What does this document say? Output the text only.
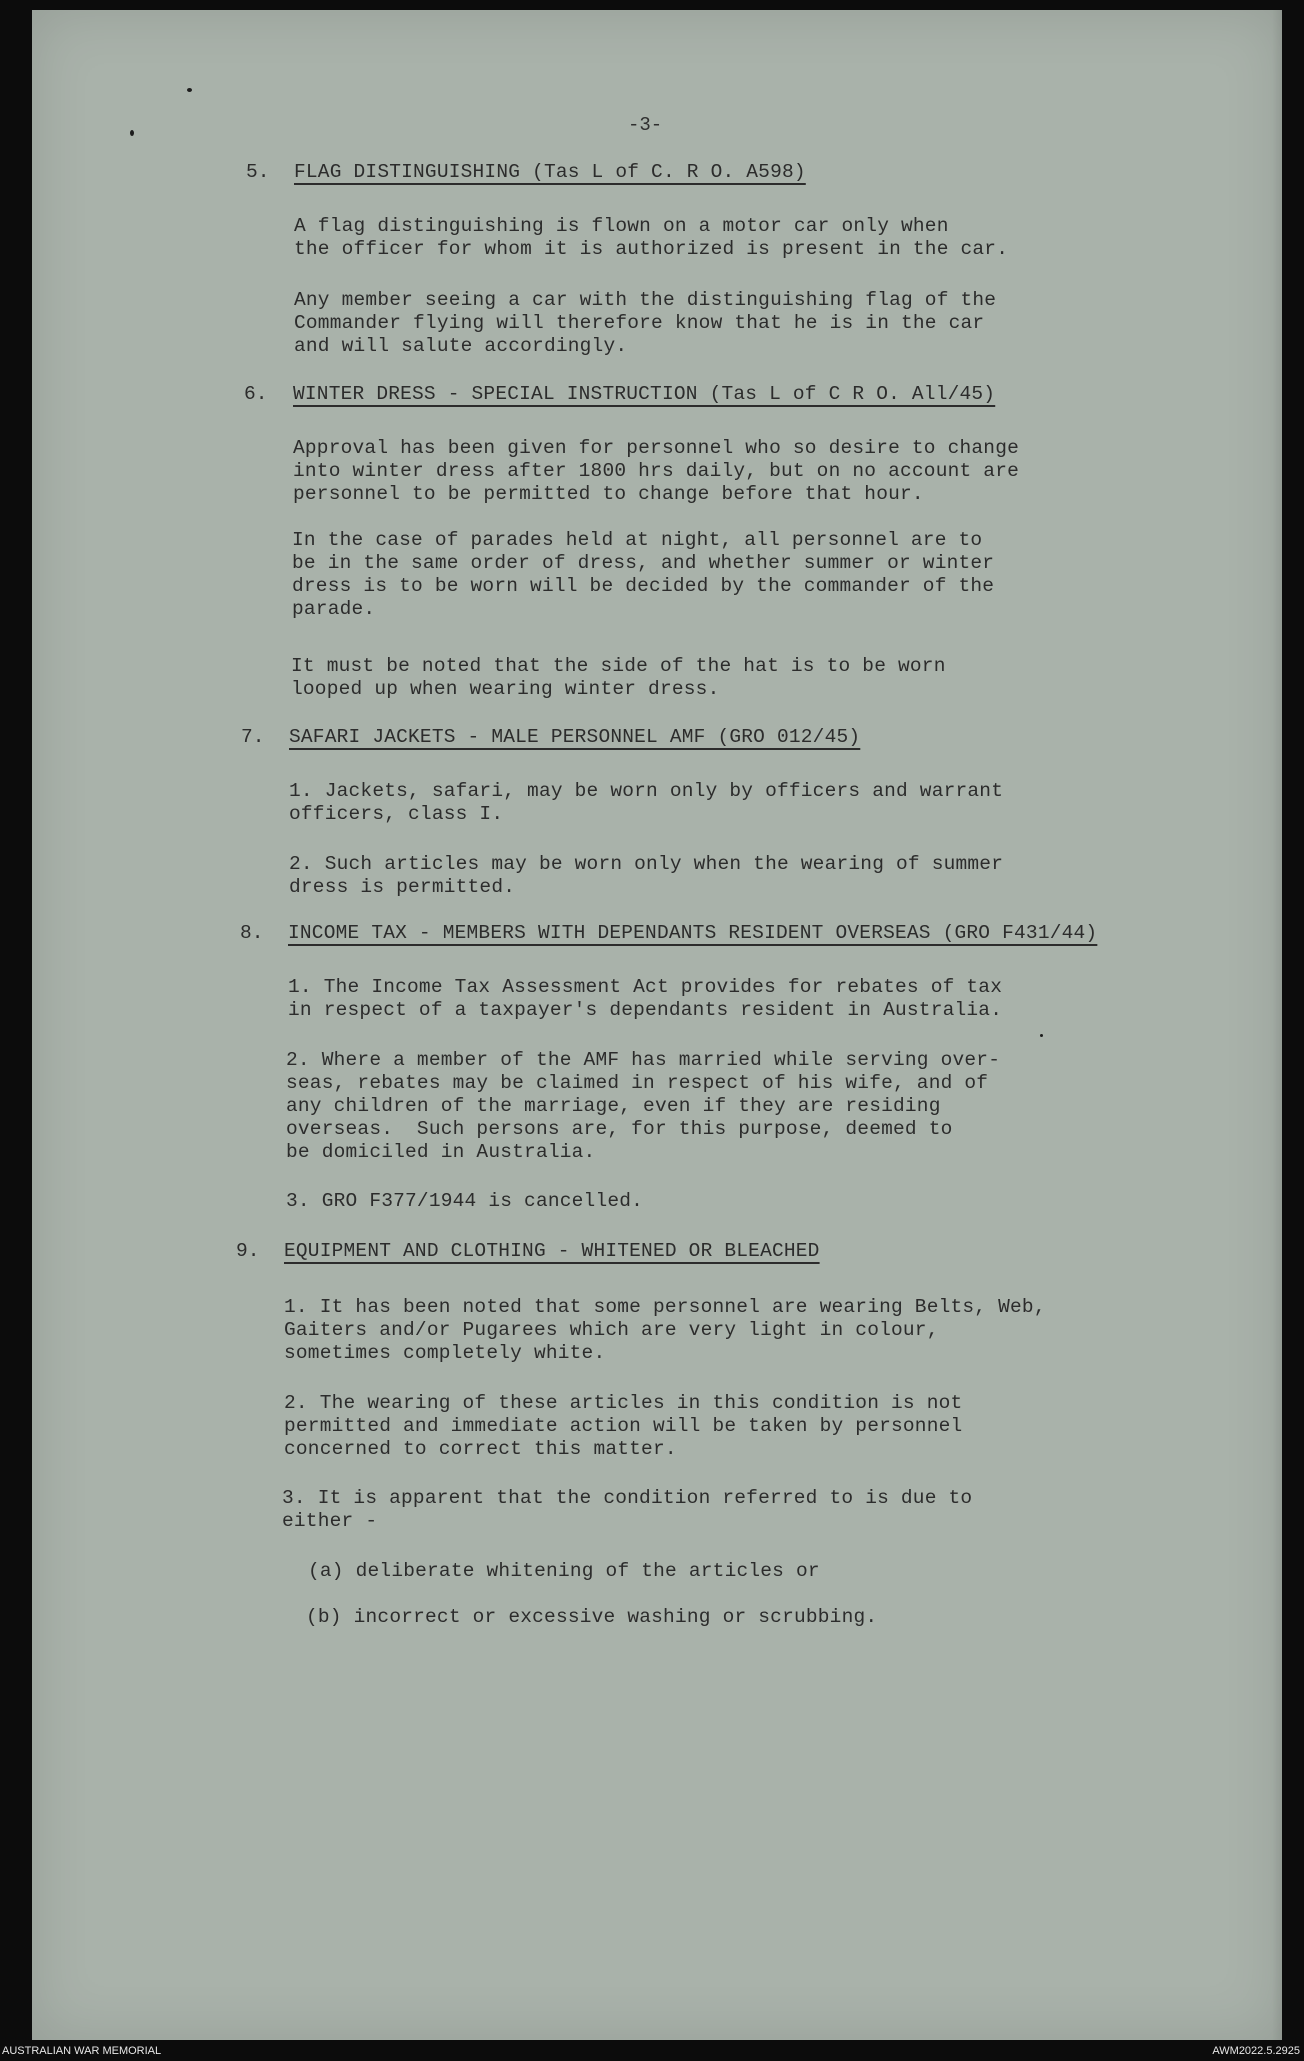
-3-
5. FLAG DISTINGUISHING (Tas L of C. R O. A598)
A flag distinguishing is flown on a motor car only when
the officer for whom it is authorized is present in the car.
Any member seeing a car with the distinguishing flag of the
Commander flying will therefore know that he is in the car
and will salute accordingly.
6. WINTER DRESS - SPECIAL INSTRUCTION (Tas L of C R O. All/45)
Approval has been given for personnel who so desire to change
into winter dress after 1800 hrs daily, but on no account are
personnel to be permitted to change before that hour.
In the case of parades held at night, all personnel are to
be in the same order of dress, and whether summer or winter
dress is to be worn will be decided by the commander of the
parade.
It must be noted that the side of the hat is to be worn
looped up when wearing winter dress.
7. SAFARI JACKETS - MALE PERSONNEL AMF (GRO 012/45)
1. Jackets, safari, may be worn only by officers and warrant
officers, class I.
2. Such articles may be worn only when the wearing of summer
dress is permitted.
8. INCOME TAX - MEMBERS WITH DEPENDANTS RESIDENT OVERSEAS (GRO F431/44)
1. The Income Tax Assessment Act provides for rebates of tax
in respect of a taxpayer's dependants resident in Australia.
2. Where a member of the AMF has married while serving over-
seas, rebates may be claimed in respect of his wife, and of
any children of the marriage, even if they are residing
overseas.  Such persons are, for this purpose, deemed to
be domiciled in Australia.
3. GRO F377/1944 is cancelled.
9. EQUIPMENT AND CLOTHING - WHITENED OR BLEACHED
1. It has been noted that some personnel are wearing Belts, Web,
Gaiters and/or Pugarees which are very light in colour,
sometimes completely white.
2. The wearing of these articles in this condition is not
permitted and immediate action will be taken by personnel
concerned to correct this matter.
3. It is apparent that the condition referred to is due to
either -
(a) deliberate whitening of the articles or
(b) incorrect or excessive washing or scrubbing.
AUSTRALIAN WAR MEMORIAL	AWM2022.5.2925
